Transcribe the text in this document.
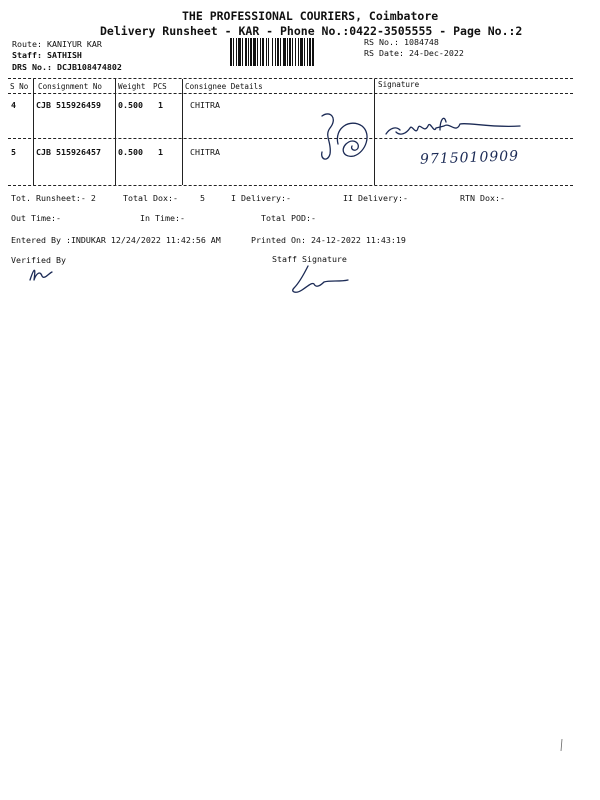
THE PROFESSIONAL COURIERS, Coimbatore
Delivery Runsheet - KAR - Phone No.:0422-3505555 - Page No.:2
Route: KANIYUR KAR
Staff: SATHISH
DRS No.: DCJB108474802
RS No.: 1084748
RS Date: 24-Dec-2022
S No Consignment No Weight PCS Consignee Details	Signature
4 CJB 515926459 0.500 1	CHITRA
5 CJB 515926457 0.500 1	CHITRA	9715010909
Tot. Runsheet:- 2	Total Dox:-	5	I Delivery:-	II Delivery:-	RTN Dox:-
Out Time:-	In Time:-	Total POD:-
Entered By :INDUKAR 12/24/2022 11:42:56 AM	Printed On: 24-12-2022 11:43:19
Verified By	Staff Signature
